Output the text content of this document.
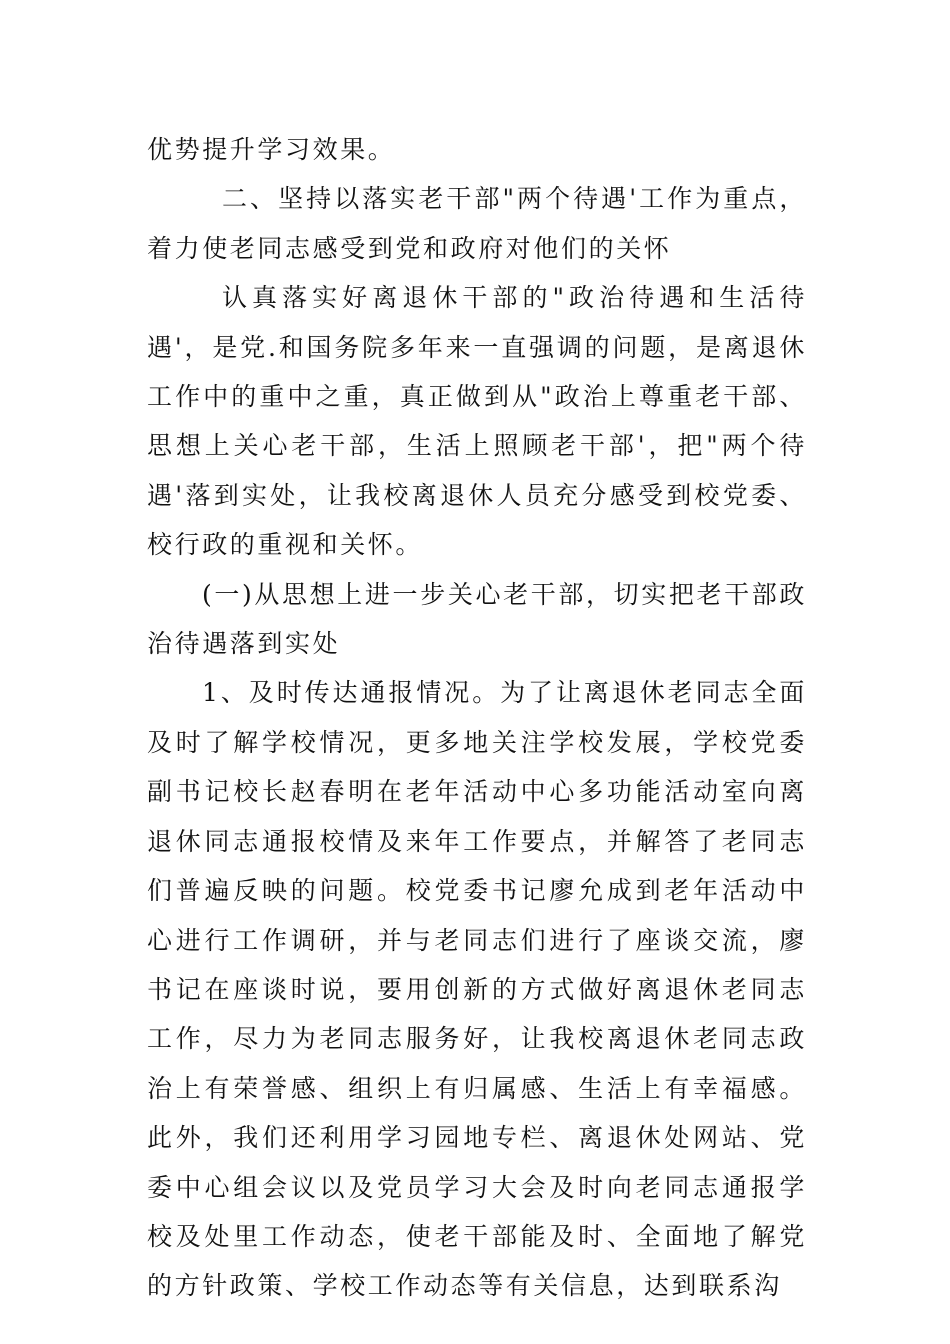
优势提升学习效果。

二、坚持以落实老干部"两个待遇'工作为重点，着力使老同志感受到党和政府对他们的关怀

认真落实好离退休干部的"政治待遇和生活待遇'，是党.和国务院多年来一直强调的问题，是离退休工作中的重中之重，真正做到从"政治上尊重老干部、思想上关心老干部，生活上照顾老干部'，把"两个待遇'落到实处，让我校离退休人员充分感受到校党委、校行政的重视和关怀。

(一)从思想上进一步关心老干部，切实把老干部政治待遇落到实处

1、及时传达通报情况。为了让离退休老同志全面及时了解学校情况，更多地关注学校发展，学校党委副书记校长赵春明在老年活动中心多功能活动室向离退休同志通报校情及来年工作要点，并解答了老同志们普遍反映的问题。校党委书记廖允成到老年活动中心进行工作调研，并与老同志们进行了座谈交流，廖书记在座谈时说，要用创新的方式做好离退休老同志工作，尽力为老同志服务好，让我校离退休老同志政治上有荣誉感、组织上有归属感、生活上有幸福感。此外，我们还利用学习园地专栏、离退休处网站、党委中心组会议以及党员学习大会及时向老同志通报学校及处里工作动态，使老干部能及时、全面地了解党的方针政策、学校工作动态等有关信息，达到联系沟
